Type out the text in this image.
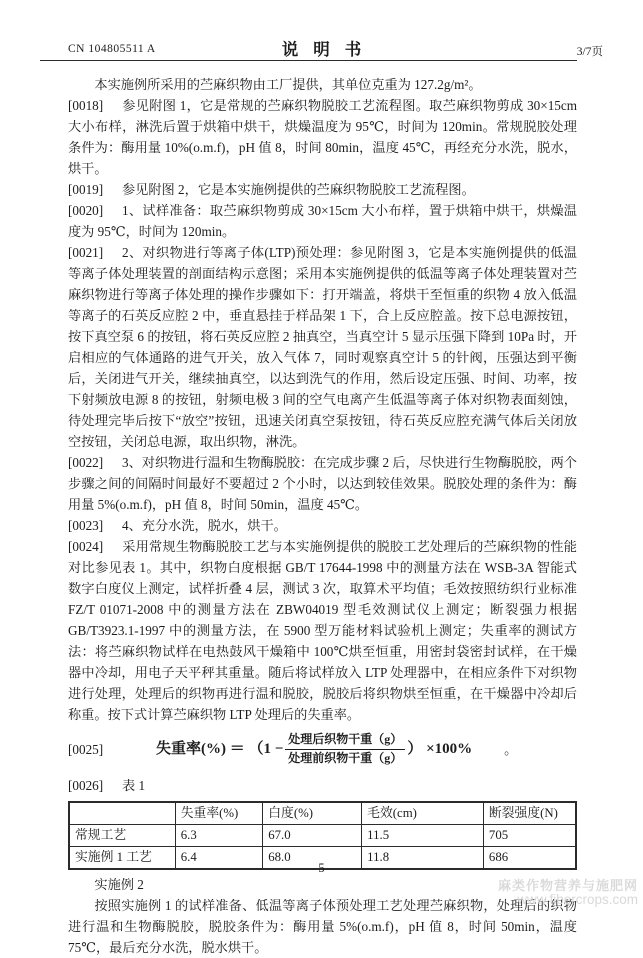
CN 104805511 A	说明书	3/7页

本实施例所采用的苎麻织物由工厂提供，其单位克重为 127.2g/m²。

[0018] 参见附图 1，它是常规的苎麻织物脱胶工艺流程图。取苎麻织物剪成 30×15cm 大小布样，淋洗后置于烘箱中烘干，烘燥温度为 95℃，时间为 120min。常规脱胶处理条件为：酶用量 10%(o.m.f)，pH 值 8，时间 80min，温度 45℃，再经充分水洗，脱水，烘干。

[0019] 参见附图 2，它是本实施例提供的苎麻织物脱胶工艺流程图。

[0020] 1、试样准备：取苎麻织物剪成 30×15cm 大小布样，置于烘箱中烘干，烘燥温度为 95℃，时间为 120min。

[0021] 2、对织物进行等离子体(LTP)预处理：参见附图 3，它是本实施例提供的低温等离子体处理装置的剖面结构示意图；采用本实施例提供的低温等离子体处理装置对苎麻织物进行等离子体处理的操作步骤如下：打开端盖，将烘干至恒重的织物 4 放入低温等离子的石英反应腔 2 中，垂直悬挂于样品架 1 下，合上反应腔盖。按下总电源按钮，按下真空泵 6 的按钮，将石英反应腔 2 抽真空，当真空计 5 显示压强下降到 10Pa 时，开启相应的气体通路的进气开关，放入气体 7，同时观察真空计 5 的针阀，压强达到平衡后，关闭进气开关，继续抽真空，以达到洗气的作用，然后设定压强、时间、功率，按下射频放电源 8 的按钮，射频电极 3 间的空气电离产生低温等离子体对织物表面刻蚀，待处理完毕后按下“放空”按钮，迅速关闭真空泵按钮，待石英反应腔充满气体后关闭放空按钮，关闭总电源，取出织物，淋洗。

[0022] 3、对织物进行温和生物酶脱胶：在完成步骤 2 后，尽快进行生物酶脱胶，两个步骤之间的间隔时间最好不要超过 2 个小时，以达到较佳效果。脱胶处理的条件为：酶用量 5%(o.m.f)，pH 值 8，时间 50min，温度 45℃。

[0023] 4、充分水洗，脱水，烘干。

[0024] 采用常规生物酶脱胶工艺与本实施例提供的脱胶工艺处理后的苎麻织物的性能对比参见表 1。其中，织物白度根据 GB/T 17644-1998 中的测量方法在 WSB-3A 智能式数字白度仪上测定，试样折叠 4 层，测试 3 次，取算术平均值；毛效按照纺织行业标准 FZ/T 01071-2008 中的测量方法在 ZBW04019 型毛效测试仪上测定；断裂强力根据 GB/T3923.1-1997 中的测量方法，在 5900 型万能材料试验机上测定；失重率的测试方法：将苎麻织物试样在电热鼓风干燥箱中 100℃烘至恒重，用密封袋密封试样，在干燥器中冷却，用电子天平秤其重量。随后将试样放入 LTP 处理器中，在相应条件下对织物进行处理，处理后的织物再进行温和脱胶，脱胶后将织物烘至恒重，在干燥器中冷却后称重。按下式计算苎麻织物 LTP 处理后的失重率。

[0025]	失重率(%) ＝ （$1 - \frac{\text{处理后织物干重（g）}}{\text{处理前织物干重（g）}}$ ） ×100% 。

[0026] 表 1

	失重率(%)	白度(%)	毛效(cm)	断裂强度(N)
常规工艺	6.3	67.0	11.5	705
实施例 1 工艺	6.4	68.0	11.8	686

实施例 2

按照实施例 1 的试样准备、低温等离子体预处理工艺处理苎麻织物，处理后的织物进行温和生物酶脱胶，脱胶条件为：酶用量 5%(o.m.f)，pH 值 8，时间 50min，温度 75℃，最后充分水洗，脱水烘干。

5
麻类作物营养与施肥网
www.fibercrops.com
